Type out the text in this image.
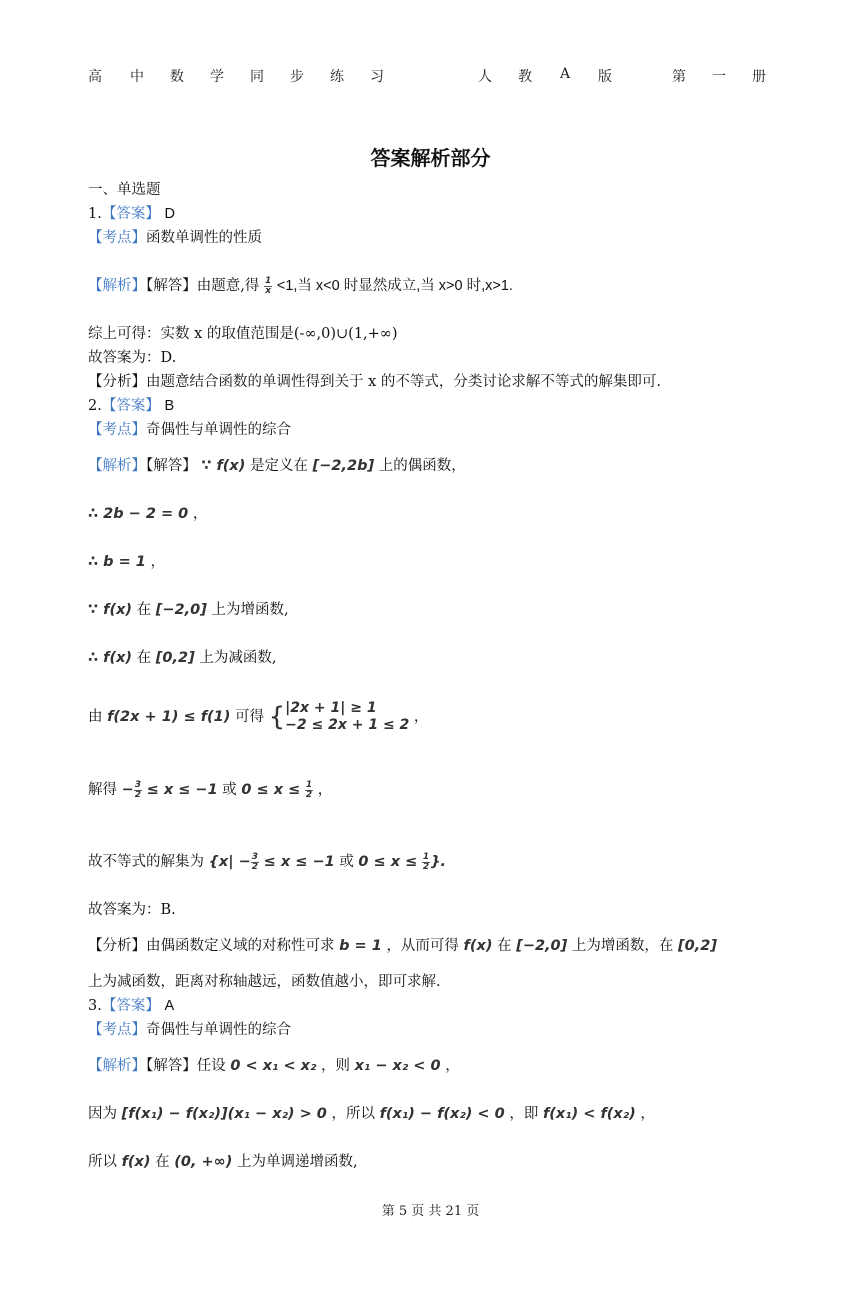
高 中 数 学 同 步 练 习	人 教 A 版	第 一 册
答案解析部分
一、单选题
1.【答案】 D
【考点】函数单调性的性质
【解析】【解答】由题意,得 $\frac{1}{x} <1$,当 x<0 时显然成立,当 x>0 时,x>1.
综上可得：实数 x 的取值范围是(-∞,0)∪(1,+∞)
故答案为：D.
【分析】由题意结合函数的单调性得到关于 x 的不等式，分类讨论求解不等式的解集即可.
2.【答案】 B
【考点】奇偶性与单调性的综合
【解析】【解答】 ∵ f(x) 是定义在 [−2,2b] 上的偶函数，
∴ 2b − 2 = 0 ，
∴ b = 1 ，
∵ f(x) 在 [−2,0] 上为增函数,
∴ f(x) 在 [0,2] 上为减函数,
由 f(2x + 1) ≤ f(1) 可得 { |2x + 1| ≥ 1
−2 ≤ 2x + 1 ≤ 2 ，
解得 − $\frac{3}{2} \le x \le -1$ 或 $0 \le x \le \frac{1}{2}$ ，
故不等式的解集为 {$x| - \frac{3}{2} \le x \le -1$ 或 $0 \le x \le \frac{1}{2}$ }.
故答案为：B.
【分析】由偶函数定义域的对称性可求 b = 1 ，从而可得 f(x) 在 [−2,0] 上为增函数，在 [0,2]
上为减函数，距离对称轴越远，函数值越小，即可求解.
3.【答案】 A
【考点】奇偶性与单调性的综合
【解析】【解答】任设 0 < x₁ < x₂ ，则 x₁ − x₂ < 0 ，
因为 [f(x₁) − f(x₂)](x₁ − x₂) > 0 ，所以 f(x₁) − f(x₂) < 0 ，即 f(x₁) < f(x₂) ，
所以 f(x) 在 (0, +∞) 上为单调递增函数,
第 5 页 共 21 页
